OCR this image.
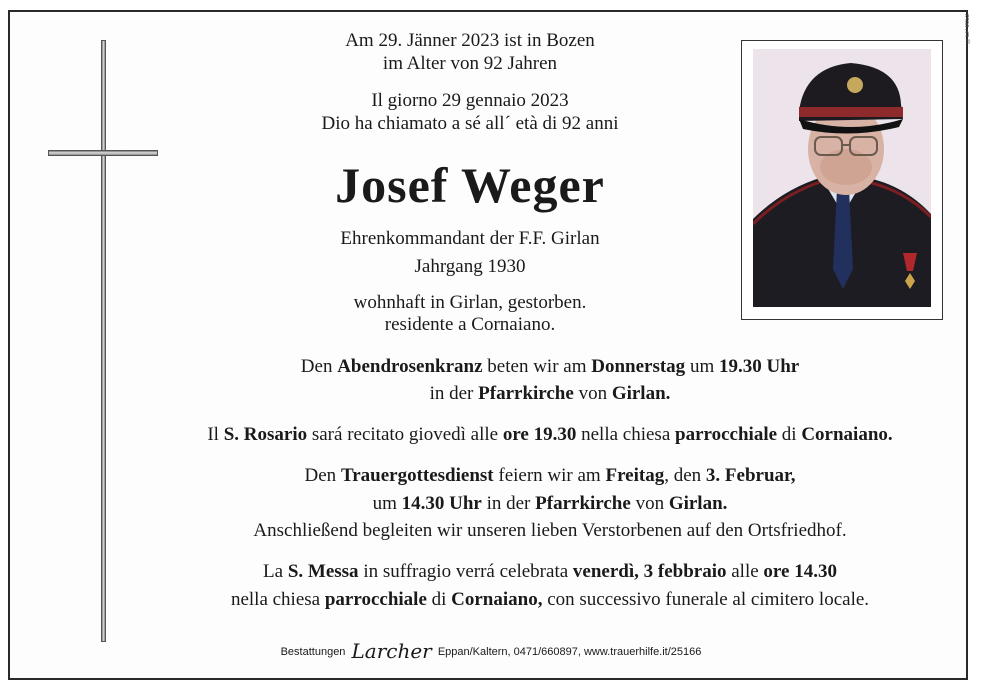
©EP 9053
Am 29. Jänner 2023 ist in Bozen
im Alter von 92 Jahren
Il giorno 29 gennaio 2023
Dio ha chiamato a sé all´ età di 92 anni
Josef Weger
Ehrenkommandant der F.F. Girlan
Jahrgang 1930
wohnhaft in Girlan, gestorben.
residente a Cornaiano.
Den Abendrosenkranz beten wir am Donnerstag um 19.30 Uhr
in der Pfarrkirche von Girlan.
Il S. Rosario sará recitato giovedì alle ore 19.30 nella chiesa parrocchiale di Cornaiano.
Den Trauergottesdienst feiern wir am Freitag, den 3. Februar,
um 14.30 Uhr in der Pfarrkirche von Girlan.
Anschließend begleiten wir unseren lieben Verstorbenen auf den Ortsfriedhof.
La S. Messa in suffragio verrá celebrata venerdì, 3 febbraio alle ore 14.30
nella chiesa parrocchiale di Cornaiano, con successivo funerale al cimitero locale.
Bestattungen Larcher Eppan/Kaltern, 0471/660897, www.trauerhilfe.it/25166
